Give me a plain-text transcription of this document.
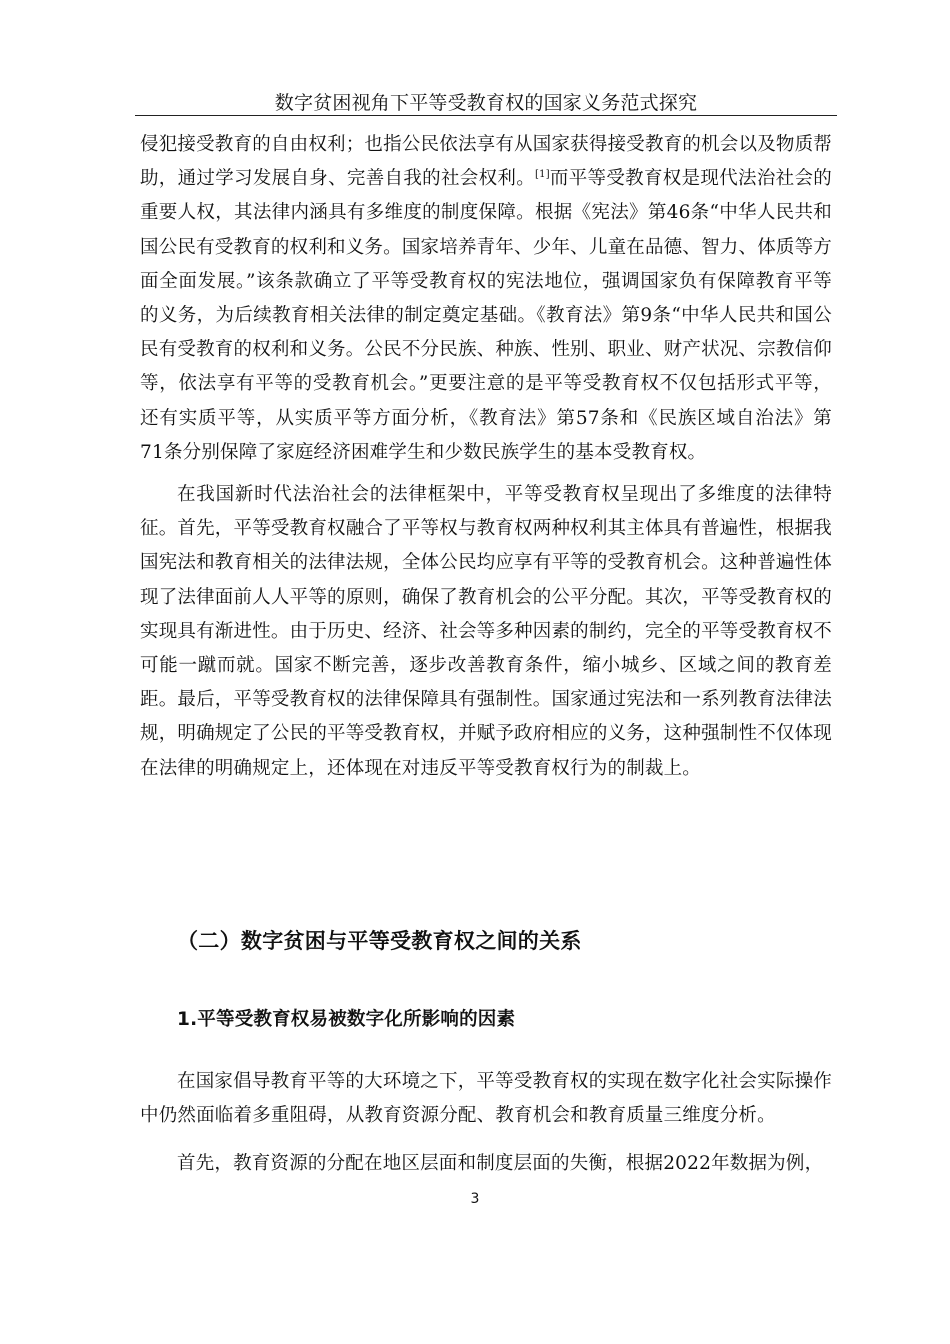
数字贫困视角下平等受教育权的国家义务范式探究

侵犯接受教育的自由权利；也指公民依法享有从国家获得接受教育的机会以及物质帮助，通过学习发展自身、完善自我的社会权利。[1]而平等受教育权是现代法治社会的重要人权，其法律内涵具有多维度的制度保障。根据《宪法》第46条“中华人民共和国公民有受教育的权利和义务。国家培养青年、少年、儿童在品德、智力、体质等方面全面发展。”该条款确立了平等受教育权的宪法地位，强调国家负有保障教育平等的义务，为后续教育相关法律的制定奠定基础。《教育法》第9条“中华人民共和国公民有受教育的权利和义务。公民不分民族、种族、性别、职业、财产状况、宗教信仰等，依法享有平等的受教育机会。”更要注意的是平等受教育权不仅包括形式平等，还有实质平等，从实质平等方面分析，《教育法》第57条和《民族区域自治法》第71条分别保障了家庭经济困难学生和少数民族学生的基本受教育权。

在我国新时代法治社会的法律框架中，平等受教育权呈现出了多维度的法律特征。首先，平等受教育权融合了平等权与教育权两种权利其主体具有普遍性，根据我国宪法和教育相关的法律法规，全体公民均应享有平等的受教育机会。这种普遍性体现了法律面前人人平等的原则，确保了教育机会的公平分配。其次，平等受教育权的实现具有渐进性。由于历史、经济、社会等多种因素的制约，完全的平等受教育权不可能一蹴而就。国家不断完善，逐步改善教育条件，缩小城乡、区域之间的教育差距。最后，平等受教育权的法律保障具有强制性。国家通过宪法和一系列教育法律法规，明确规定了公民的平等受教育权，并赋予政府相应的义务，这种强制性不仅体现在法律的明确规定上，还体现在对违反平等受教育权行为的制裁上。

（二）数字贫困与平等受教育权之间的关系
1.平等受教育权易被数字化所影响的因素

在国家倡导教育平等的大环境之下，平等受教育权的实现在数字化社会实际操作中仍然面临着多重阻碍，从教育资源分配、教育机会和教育质量三维度分析。

首先，教育资源的分配在地区层面和制度层面的失衡，根据2022年数据为例，

3
